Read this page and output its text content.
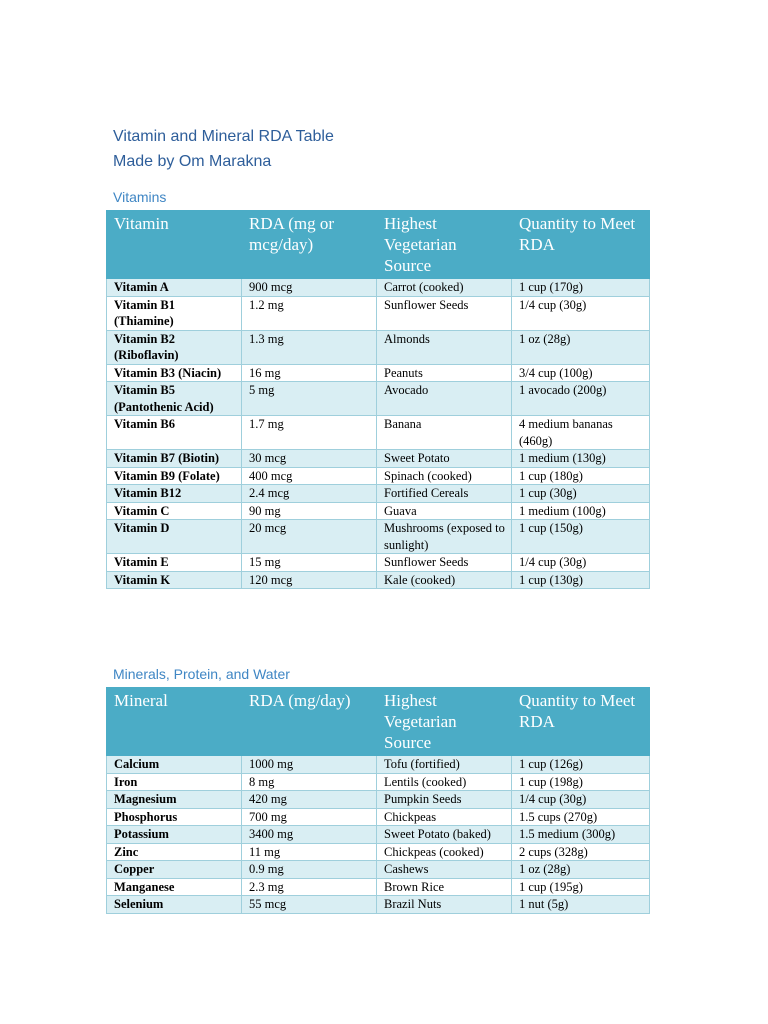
Vitamin and Mineral RDA Table
Made by Om Marakna
Vitamins
Vitamin	RDA (mg or mcg/day)	Highest Vegetarian Source	Quantity to Meet RDA
Vitamin A	900 mcg	Carrot (cooked)	1 cup (170g)
Vitamin B1 (Thiamine)	1.2 mg	Sunflower Seeds	1/4 cup (30g)
Vitamin B2 (Riboflavin)	1.3 mg	Almonds	1 oz (28g)
Vitamin B3 (Niacin)	16 mg	Peanuts	3/4 cup (100g)
Vitamin B5 (Pantothenic Acid)	5 mg	Avocado	1 avocado (200g)
Vitamin B6	1.7 mg	Banana	4 medium bananas (460g)
Vitamin B7 (Biotin)	30 mcg	Sweet Potato	1 medium (130g)
Vitamin B9 (Folate)	400 mcg	Spinach (cooked)	1 cup (180g)
Vitamin B12	2.4 mcg	Fortified Cereals	1 cup (30g)
Vitamin C	90 mg	Guava	1 medium (100g)
Vitamin D	20 mcg	Mushrooms (exposed to sunlight)	1 cup (150g)
Vitamin E	15 mg	Sunflower Seeds	1/4 cup (30g)
Vitamin K	120 mcg	Kale (cooked)	1 cup (130g)
Minerals, Protein, and Water
Mineral	RDA (mg/day)	Highest Vegetarian Source	Quantity to Meet RDA
Calcium	1000 mg	Tofu (fortified)	1 cup (126g)
Iron	8 mg	Lentils (cooked)	1 cup (198g)
Magnesium	420 mg	Pumpkin Seeds	1/4 cup (30g)
Phosphorus	700 mg	Chickpeas	1.5 cups (270g)
Potassium	3400 mg	Sweet Potato (baked)	1.5 medium (300g)
Zinc	11 mg	Chickpeas (cooked)	2 cups (328g)
Copper	0.9 mg	Cashews	1 oz (28g)
Manganese	2.3 mg	Brown Rice	1 cup (195g)
Selenium	55 mcg	Brazil Nuts	1 nut (5g)
